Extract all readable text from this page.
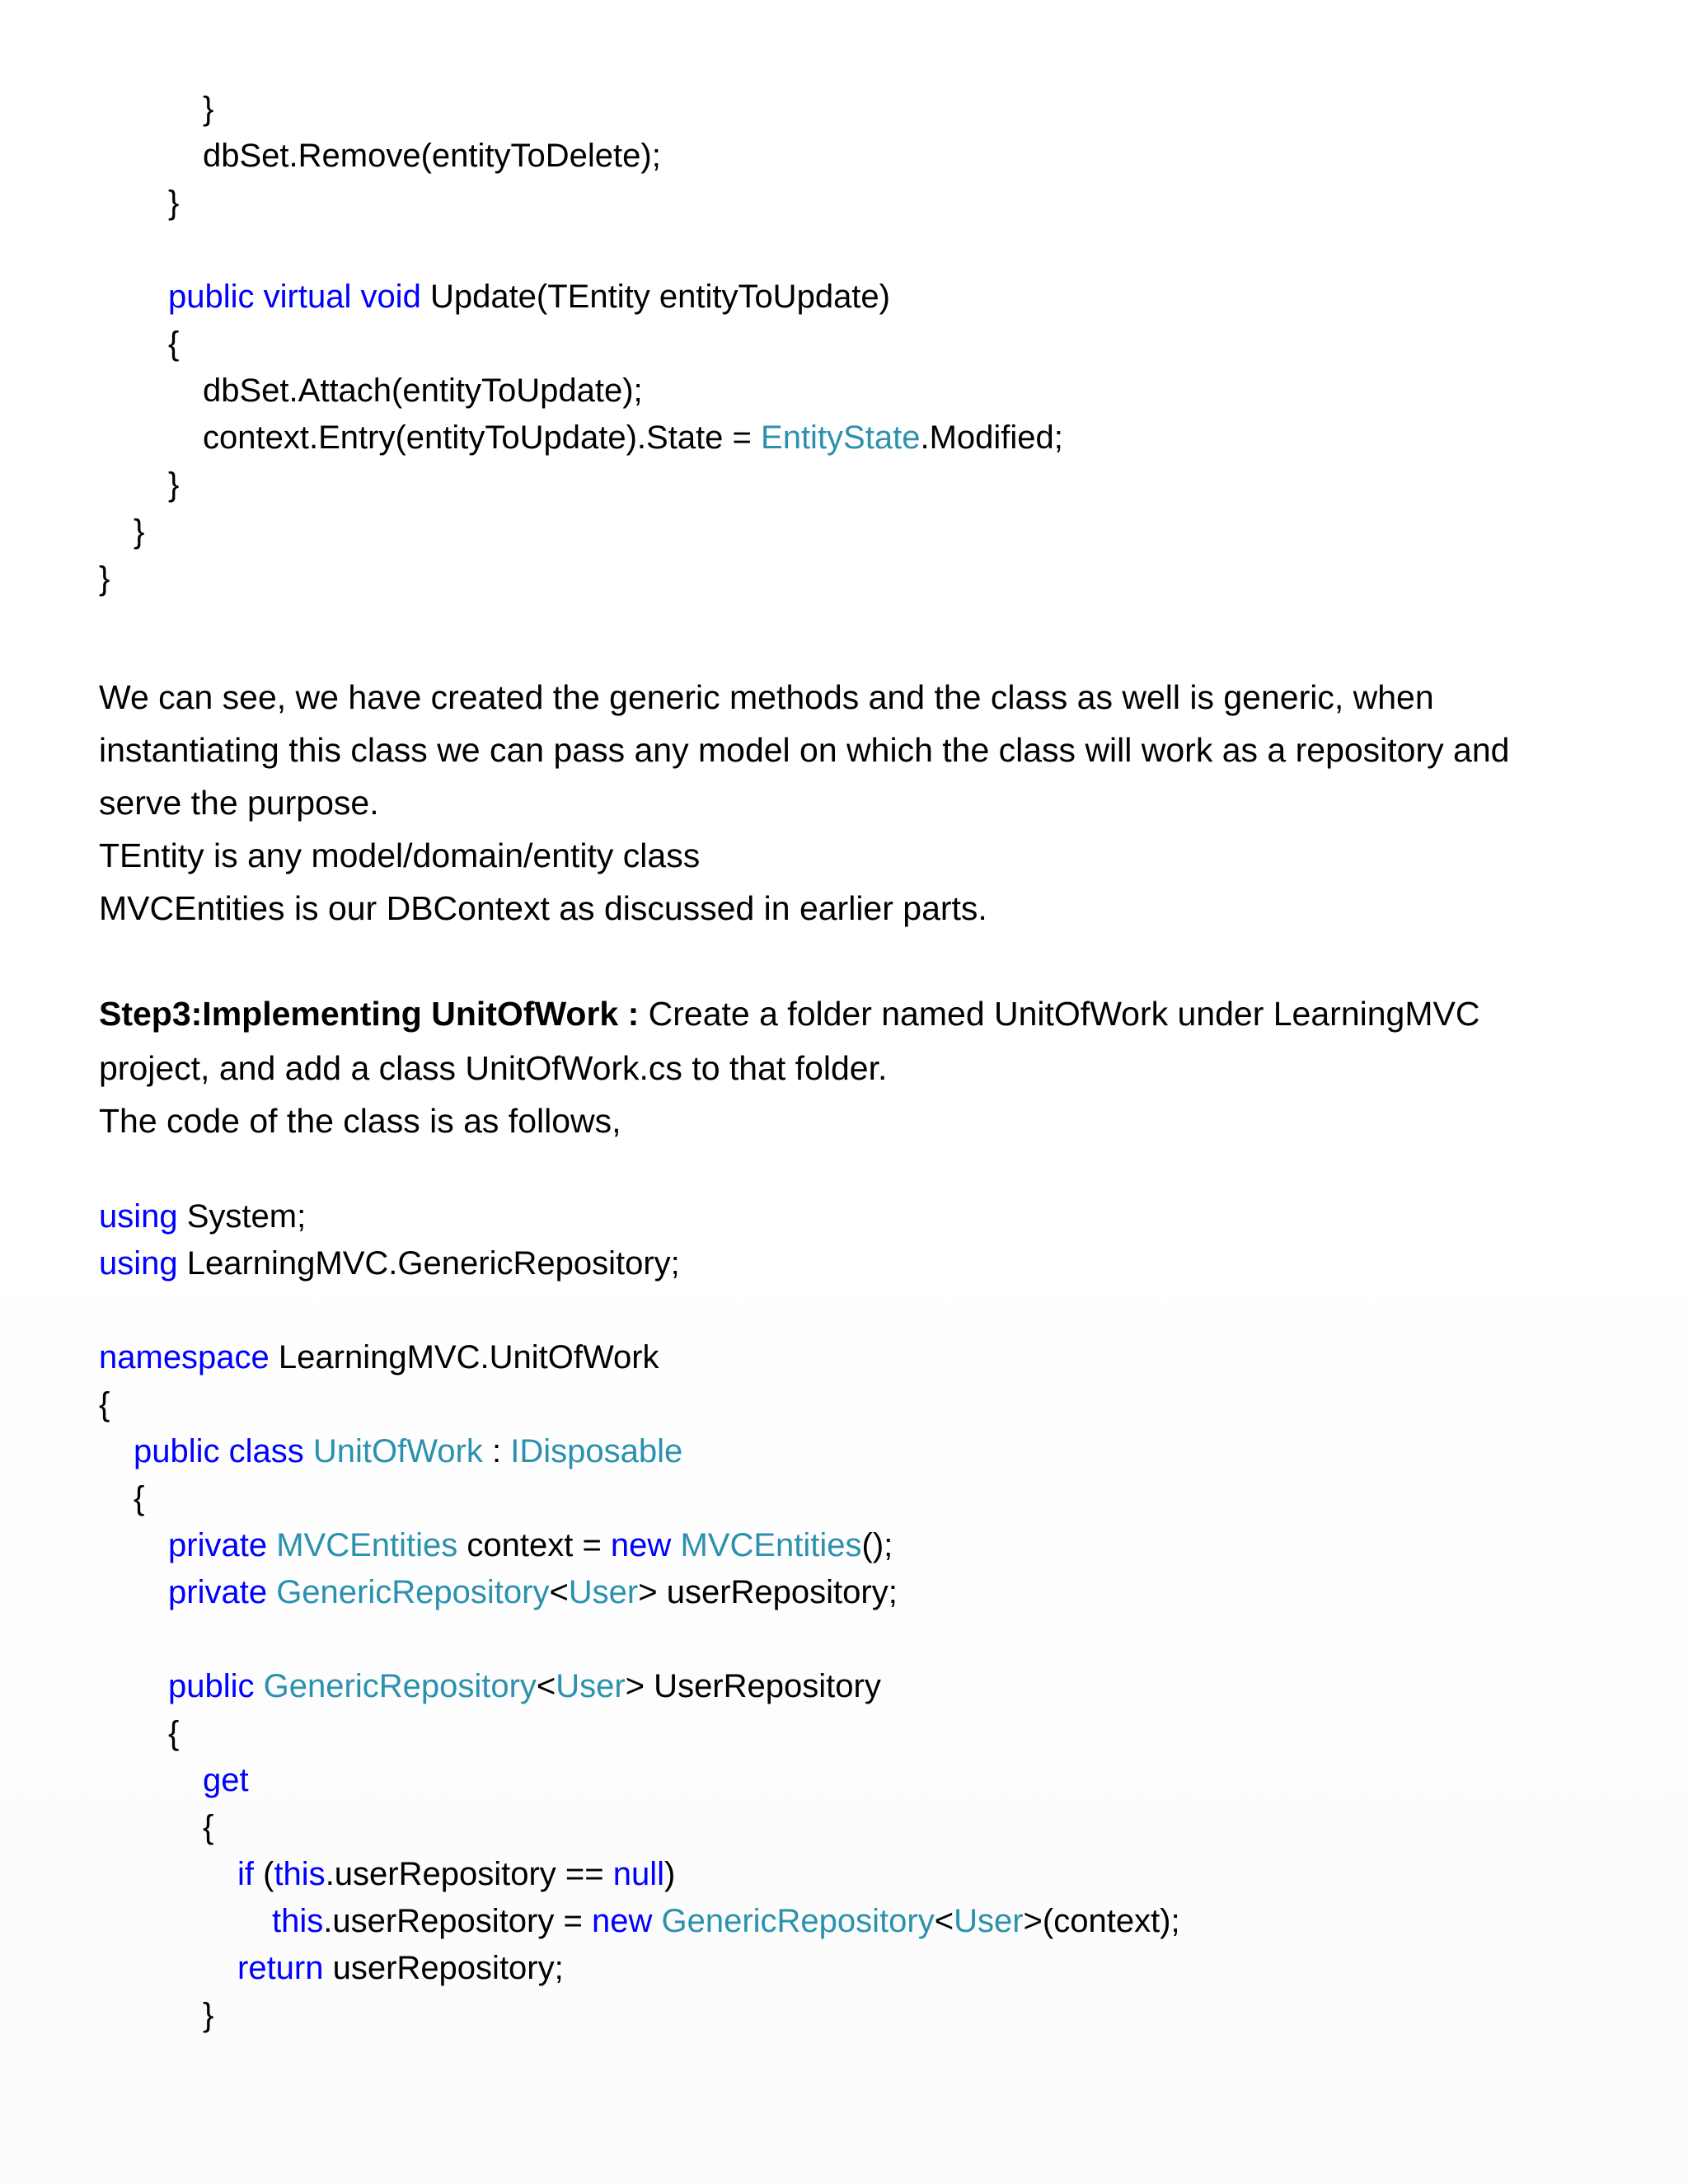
}
dbSet.Remove(entityToDelete);
}
public virtual void Update(TEntity entityToUpdate)
{
dbSet.Attach(entityToUpdate);
context.Entry(entityToUpdate).State = EntityState.Modified;
}
}
}
We can see, we have created the generic methods and the class as well is generic, when
instantiating this class we can pass any model on which the class will work as a repository and
serve the purpose.
TEntity is any model/domain/entity class
MVCEntities is our DBContext as discussed in earlier parts.
Step3:Implementing UnitOfWork : Create a folder named UnitOfWork under LearningMVC
project, and add a class UnitOfWork.cs to that folder.
The code of the class is as follows,
using System;
using LearningMVC.GenericRepository;
namespace LearningMVC.UnitOfWork
{
public class UnitOfWork : IDisposable
{
private MVCEntities context = new MVCEntities();
private GenericRepository<User> userRepository;
public GenericRepository<User> UserRepository
{
get
{
if (this.userRepository == null)
this.userRepository = new GenericRepository<User>(context);
return userRepository;
}
